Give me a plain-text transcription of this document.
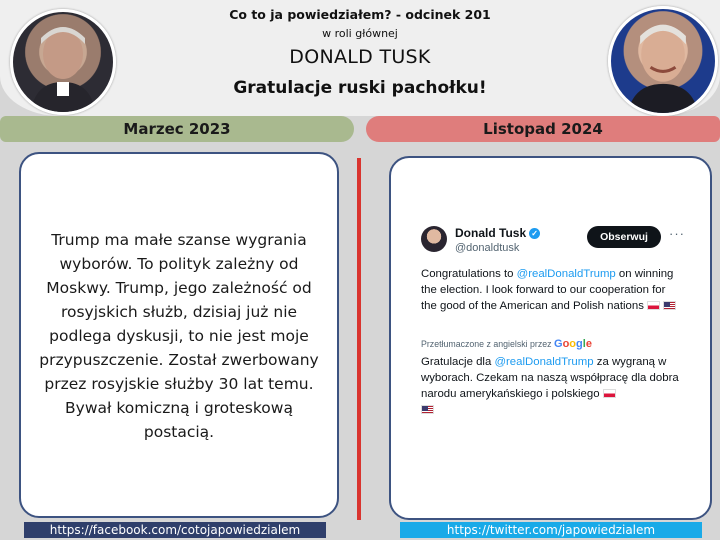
Co to ja powiedziałem? - odcinek 201
w roli głównej
DONALD TUSK
Gratulacje ruski pachołku!
Marzec 2023	Listopad 2024
Trump ma małe szanse wygrania wyborów. To polityk zależny od Moskwy. Trump, jego zależność od rosyjskich służb, dzisiaj już nie podlega dyskusji, to nie jest moje przypuszczenie. Został zwerbowany przez rosyjskie służby 30 lat temu. Bywał komiczną i groteskową postacią.
Donald Tusk ✓
@donaldtusk
Obserwuj	···
Congratulations to @realDonaldTrump on winning the election. I look forward to our cooperation for the good of the American and Polish nations
Przetłumaczone z angielski przez Google
Gratulacje dla @realDonaldTrump za wygraną w wyborach. Czekam na naszą współpracę dla dobra narodu amerykańskiego i polskiego

https://facebook.com/cotojapowiedzialem	https://twitter.com/japowiedzialem
